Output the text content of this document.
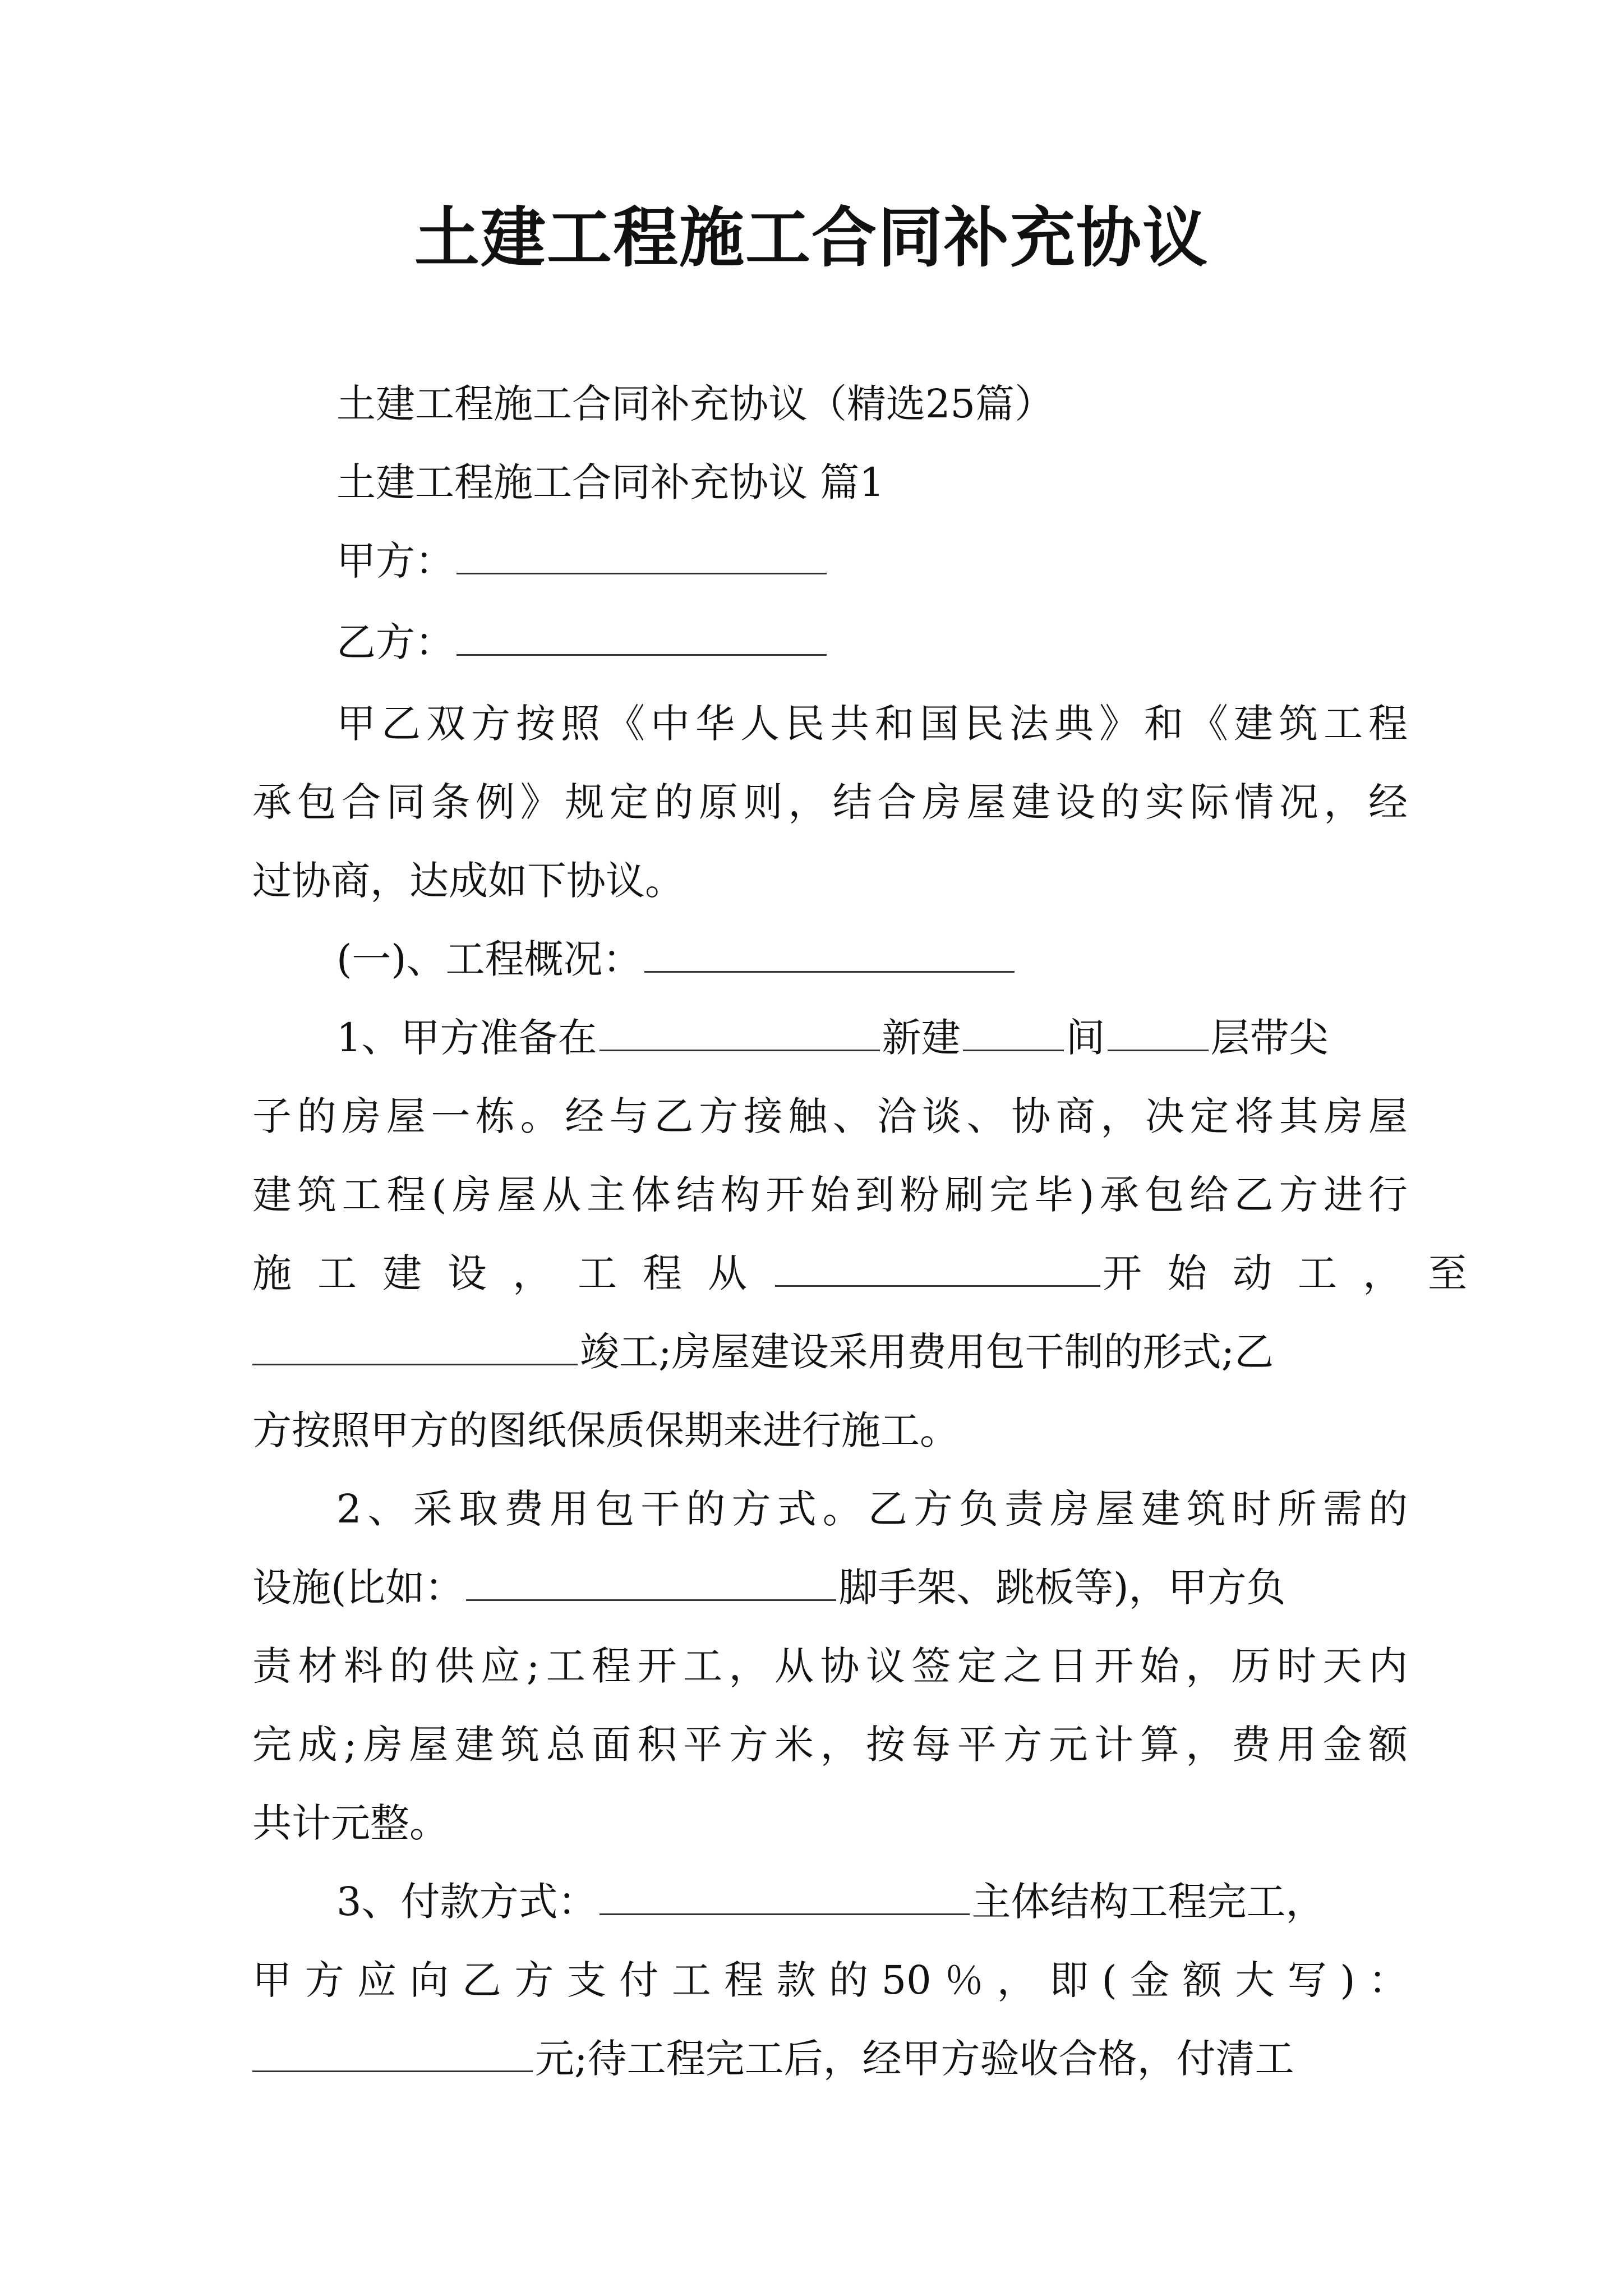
土建工程施工合同补充协议
土建工程施工合同补充协议（精选25篇）
土建工程施工合同补充协议 篇1
甲方：
乙方：
甲乙双方按照《中华人民共和国民法典》和《建筑工程
承包合同条例》规定的原则，结合房屋建设的实际情况，经
过协商，达成如下协议。
(一)、工程概况：
1、甲方准备在	新建	间	层带尖
子的房屋一栋。经与乙方接触、洽谈、协商，决定将其房屋
建筑工程(房屋从主体结构开始到粉刷完毕)承包给乙方进行
施工建设，工程从	开始动工，至
竣工;房屋建设采用费用包干制的形式;乙
方按照甲方的图纸保质保期来进行施工。
2、采取费用包干的方式。乙方负责房屋建筑时所需的
设施(比如：	脚手架、跳板等)，甲方负
责材料的供应;工程开工，从协议签定之日开始，历时天内
完成;房屋建筑总面积平方米，按每平方元计算，费用金额
共计元整。
3、付款方式：	主体结构工程完工，
甲方应向乙方支付工程款的50％，即(金额大写)：
元;待工程完工后，经甲方验收合格，付清工
